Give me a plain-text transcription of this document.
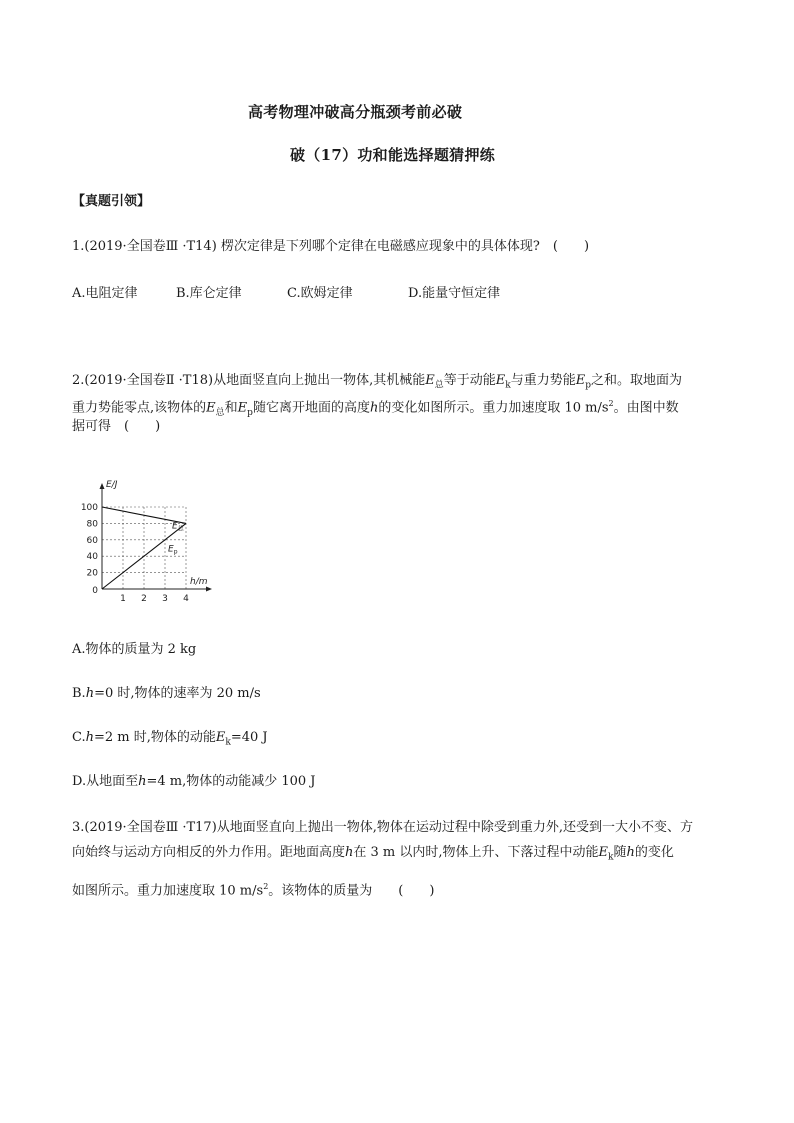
高考物理冲破高分瓶颈考前必破
破（17）功和能选择题猜押练
【真题引领】
1.(2019·全国卷Ⅲ ·T14) 楞次定律是下列哪个定律在电磁感应现象中的具体体现?　(　　)
A.电阻定律	B.库仑定律	C.欧姆定律	D.能量守恒定律
2.(2019·全国卷Ⅱ ·T18)从地面竖直向上抛出一物体,其机械能$E_总$等于动能$E_k$与重力势能$E_p$之和。取地面为
重力势能零点,该物体的$E_总$和$E_p$随它离开地面的高度h的变化如图所示。重力加速度取 10 $m/s^2$。由图中数
据可得　(　　)
1 2 3 4
20
40
60
80
100
0
E/J
h/m
$E_总$
$E_p$
A.物体的质量为 2 kg
B.h=0 时,物体的速率为 20 m/s
C.h=2 m 时,物体的动能$E_k=40$ J
D.从地面至h=4 m,物体的动能减少 100 J
3.(2019·全国卷Ⅲ ·T17)从地面竖直向上抛出一物体,物体在运动过程中除受到重力外,还受到一大小不变、方
向始终与运动方向相反的外力作用。距地面高度h在 3 m 以内时,物体上升、下落过程中动能$E_k$随h的变化
如图所示。重力加速度取 10 $m/s^2$。该物体的质量为　　(　　)
